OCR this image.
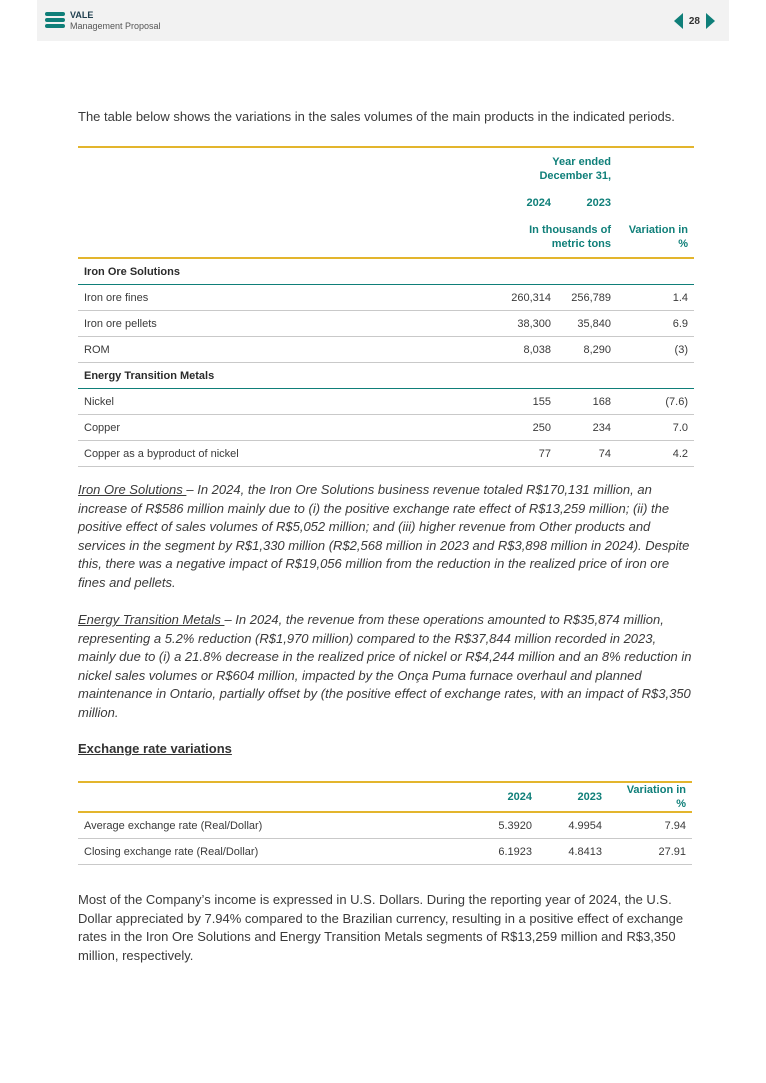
VALE
Management Proposal	28
The table below shows the variations in the sales volumes of the main products in the indicated periods.
	Year ended December 31,		
	2024	2023	
	In thousands of metric tons		Variation in %
Iron Ore Solutions			
Iron ore fines	260,314	256,789	1.4
Iron ore pellets	38,300	35,840	6.9
ROM	8,038	8,290	(3)
Energy Transition Metals			
Nickel	155	168	(7.6)
Copper	250	234	7.0
Copper as a byproduct of nickel	77	74	4.2
Iron Ore Solutions – In 2024, the Iron Ore Solutions business revenue totaled R$170,131 million, an increase of R$586 million mainly due to (i) the positive exchange rate effect of R$13,259 million; (ii) the positive effect of sales volumes of R$5,052 million; and (iii) higher revenue from Other products and services in the segment by R$1,330 million (R$2,568 million in 2023 and R$3,898 million in 2024). Despite this, there was a negative impact of R$19,056 million from the reduction in the realized price of iron ore fines and pellets.
Energy Transition Metals – In 2024, the revenue from these operations amounted to R$35,874 million, representing a 5.2% reduction (R$1,970 million) compared to the R$37,844 million recorded in 2023, mainly due to (i) a 21.8% decrease in the realized price of nickel or R$4,244 million and an 8% reduction in nickel sales volumes or R$604 million, impacted by the Onça Puma furnace overhaul and planned maintenance in Ontario, partially offset by (the positive effect of exchange rates, with an impact of R$3,350 million.
Exchange rate variations
	2024	2023	Variation in %
Average exchange rate (Real/Dollar)	5.3920	4.9954	7.94
Closing exchange rate (Real/Dollar)	6.1923	4.8413	27.91
Most of the Company’s income is expressed in U.S. Dollars. During the reporting year of 2024, the U.S. Dollar appreciated by 7.94% compared to the Brazilian currency, resulting in a positive effect of exchange rates in the Iron Ore Solutions and Energy Transition Metals segments of R$13,259 million and R$3,350 million, respectively.
